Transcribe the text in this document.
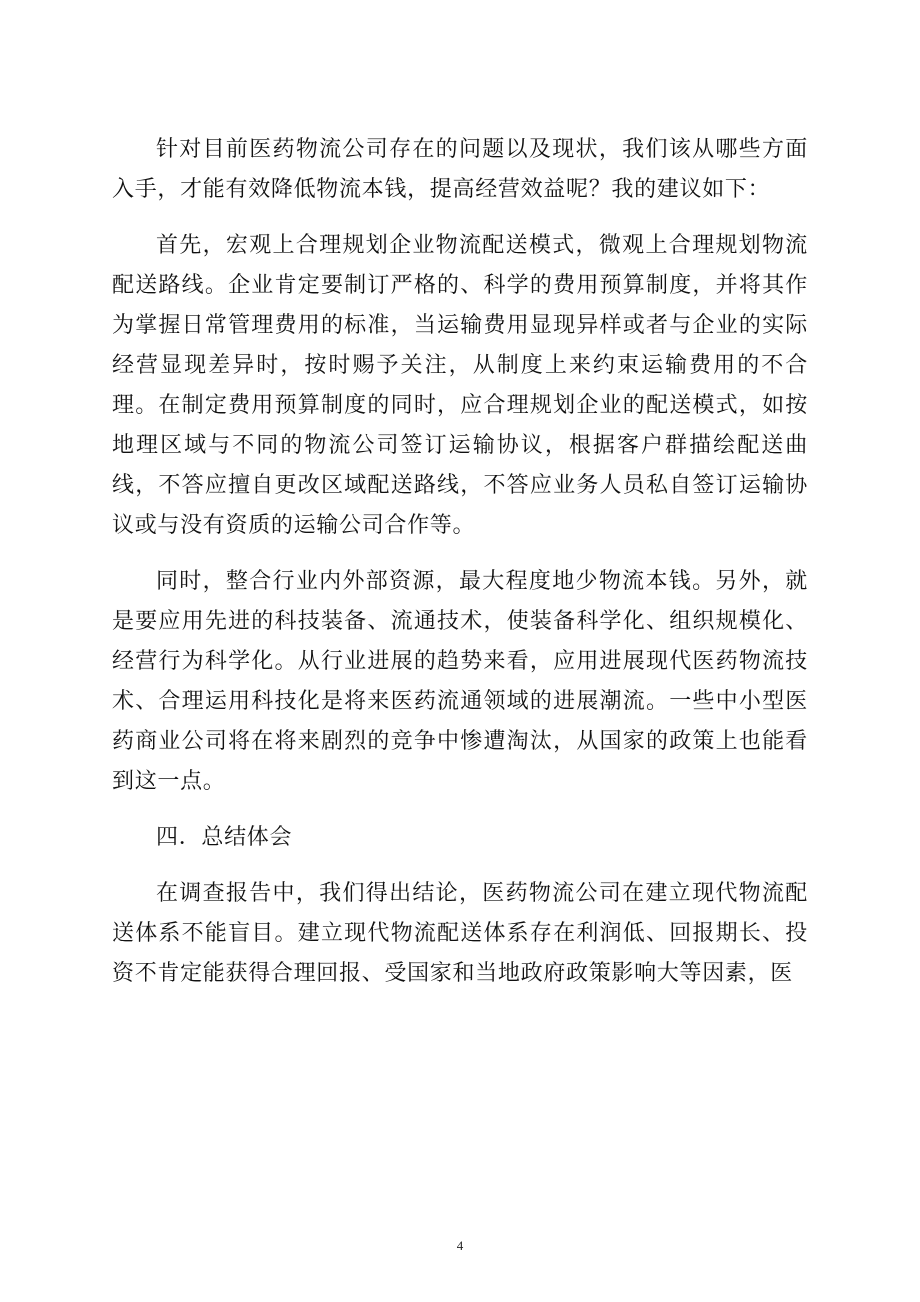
针对目前医药物流公司存在的问题以及现状，我们该从哪些方面入手，才能有效降低物流本钱，提高经营效益呢？我的建议如下：

首先，宏观上合理规划企业物流配送模式，微观上合理规划物流配送路线。企业肯定要制订严格的、科学的费用预算制度，并将其作为掌握日常管理费用的标准，当运输费用显现异样或者与企业的实际经营显现差异时，按时赐予关注，从制度上来约束运输费用的不合理。在制定费用预算制度的同时，应合理规划企业的配送模式，如按地理区域与不同的物流公司签订运输协议，根据客户群描绘配送曲线，不答应擅自更改区域配送路线，不答应业务人员私自签订运输协议或与没有资质的运输公司合作等。

同时，整合行业内外部资源，最大程度地少物流本钱。另外，就是要应用先进的科技装备、流通技术，使装备科学化、组织规模化、经营行为科学化。从行业进展的趋势来看，应用进展现代医药物流技术、合理运用科技化是将来医药流通领域的进展潮流。一些中小型医药商业公司将在将来剧烈的竞争中惨遭淘汰，从国家的政策上也能看到这一点。

四．总结体会

在调查报告中，我们得出结论，医药物流公司在建立现代物流配送体系不能盲目。建立现代物流配送体系存在利润低、回报期长、投资不肯定能获得合理回报、受国家和当地政府政策影响大等因素，医

4
